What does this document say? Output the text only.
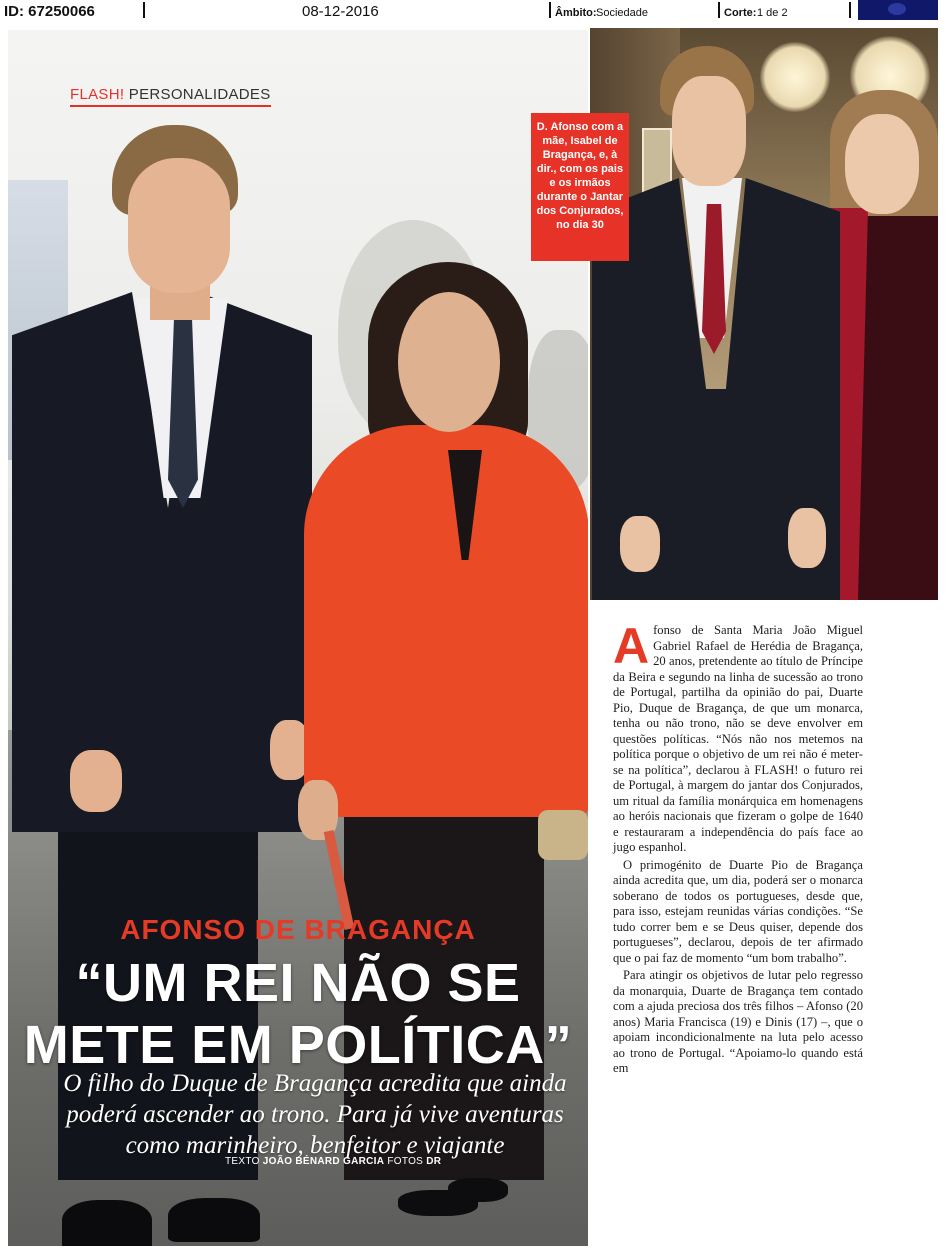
ID: 67250066	08-12-2016	Âmbito: Sociedade	Corte: 1 de 2
FLASH! PERSONALIDADES
AFONSO DE BRAGANÇA
“UM REI NÃO SE
METE EM POLÍTICA”
O filho do Duque de Bragança acredita que ainda poderá ascender ao trono. Para já vive aventuras como marinheiro, benfeitor e viajante
TEXTO JOÃO BÉNARD GARCIA FOTOS DR
D. Afonso com a mãe, Isabel de Bragança, e, à dir., com os pais e os irmãos durante o Jantar dos Conjurados, no dia 30

Afonso de Santa Maria João Miguel Gabriel Rafael de Herédia de Bragança, 20 anos, pretendente ao título de Príncipe da Beira e segundo na linha de sucessão ao trono de Portugal, partilha da opinião do pai, Duarte Pio, Duque de Bragança, de que um monarca, tenha ou não trono, não se deve envolver em questões políticas. “Nós não nos metemos na política porque o objetivo de um rei não é meter-se na política”, declarou à FLASH! o futuro rei de Portugal, à margem do jantar dos Conjurados, um ritual da família monárquica em homenagens ao heróis nacionais que fizeram o golpe de 1640 e restauraram a independência do país face ao jugo espanhol.

O primogénito de Duarte Pio de Bragança ainda acredita que, um dia, poderá ser o monarca soberano de todos os portugueses, desde que, para isso, estejam reunidas várias condições. “Se tudo correr bem e se Deus quiser, depende dos portugueses”, declarou, depois de ter afirmado que o pai faz de momento “um bom trabalho”.

Para atingir os objetivos de lutar pelo regresso da monarquia, Duarte de Bragança tem contado com a ajuda preciosa dos três filhos – Afonso (20 anos) Maria Francisca (19) e Dinis (17) –, que o apoiam incondicionalmente na luta pelo acesso ao trono de Portugal. “Apoiamo-lo quando está em
